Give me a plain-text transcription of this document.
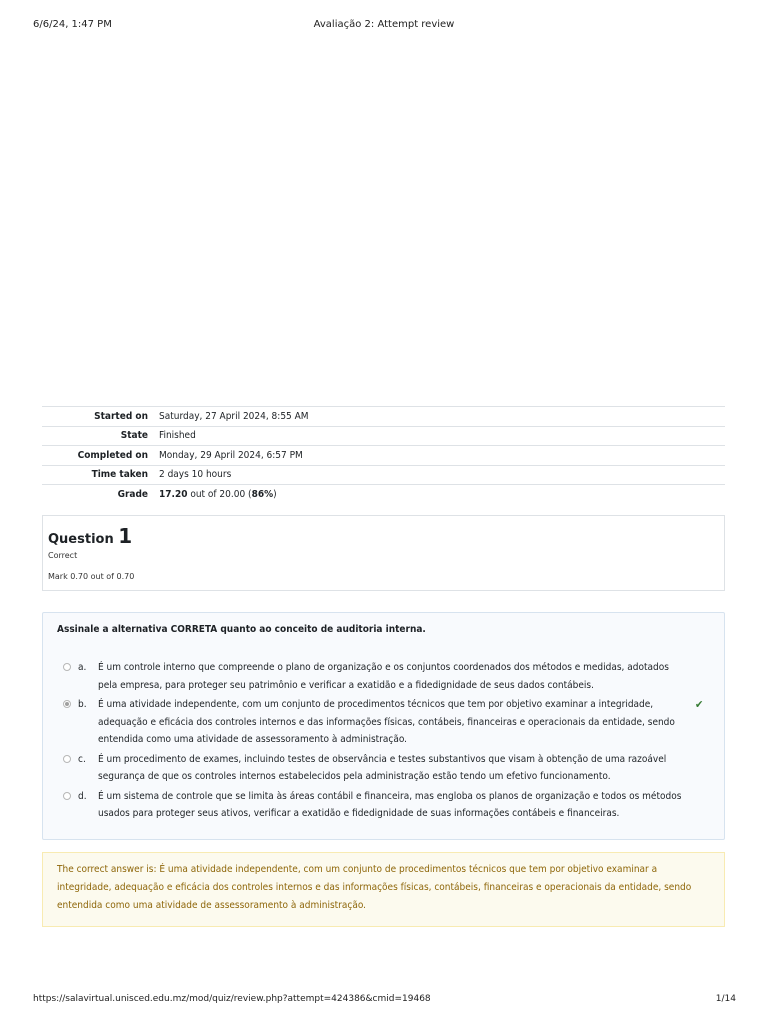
6/6/24, 1:47 PM	Avaliação 2: Attempt review
Started on	Saturday, 27 April 2024, 8:55 AM
State	Finished
Completed on	Monday, 29 April 2024, 6:57 PM
Time taken	2 days 10 hours
Grade	17.20 out of 20.00 (86%)
Question 1
Correct
Mark 0.70 out of 0.70
Assinale a alternativa CORRETA quanto ao conceito de auditoria interna.
a. É um controle interno que compreende o plano de organização e os conjuntos coordenados dos métodos e medidas, adotados pela empresa, para proteger seu patrimônio e verificar a exatidão e a fidedignidade de seus dados contábeis.
b. É uma atividade independente, com um conjunto de procedimentos técnicos que tem por objetivo examinar a integridade, adequação e eficácia dos controles internos e das informações físicas, contábeis, financeiras e operacionais da entidade, sendo entendida como uma atividade de assessoramento à administração.
✔
c. É um procedimento de exames, incluindo testes de observância e testes substantivos que visam à obtenção de uma razoável segurança de que os controles internos estabelecidos pela administração estão tendo um efetivo funcionamento.
d. É um sistema de controle que se limita às áreas contábil e financeira, mas engloba os planos de organização e todos os métodos usados para proteger seus ativos, verificar a exatidão e fidedignidade de suas informações contábeis e financeiras.
The correct answer is: É uma atividade independente, com um conjunto de procedimentos técnicos que tem por objetivo examinar a integridade, adequação e eficácia dos controles internos e das informações físicas, contábeis, financeiras e operacionais da entidade, sendo entendida como uma atividade de assessoramento à administração.
https://salavirtual.unisced.edu.mz/mod/quiz/review.php?attempt=424386&cmid=19468	1/14
